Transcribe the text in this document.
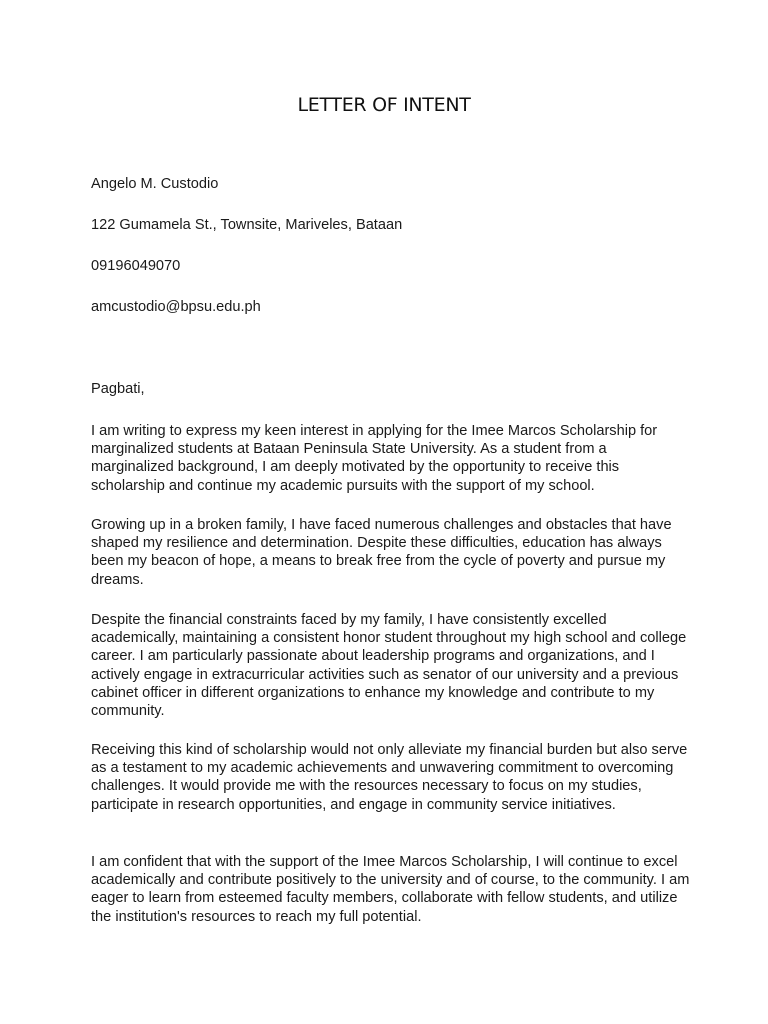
LETTER OF INTENT

Angelo M. Custodio

122 Gumamela St., Townsite, Mariveles, Bataan

09196049070

amcustodio@bpsu.edu.ph

Pagbati,

I am writing to express my keen interest in applying for the Imee Marcos Scholarship for marginalized students at Bataan Peninsula State University. As a student from a marginalized background, I am deeply motivated by the opportunity to receive this scholarship and continue my academic pursuits with the support of my school.

Growing up in a broken family, I have faced numerous challenges and obstacles that have shaped my resilience and determination. Despite these difficulties, education has always been my beacon of hope, a means to break free from the cycle of poverty and pursue my dreams.

Despite the financial constraints faced by my family, I have consistently excelled academically, maintaining a consistent honor student throughout my high school and college career. I am particularly passionate about leadership programs and organizations, and I actively engage in extracurricular activities such as senator of our university and a previous cabinet officer in different organizations to enhance my knowledge and contribute to my community.

Receiving this kind of scholarship would not only alleviate my financial burden but also serve as a testament to my academic achievements and unwavering commitment to overcoming challenges. It would provide me with the resources necessary to focus on my studies, participate in research opportunities, and engage in community service initiatives.

I am confident that with the support of the Imee Marcos Scholarship, I will continue to excel academically and contribute positively to the university and of course, to the community. I am eager to learn from esteemed faculty members, collaborate with fellow students, and utilize the institution's resources to reach my full potential.
